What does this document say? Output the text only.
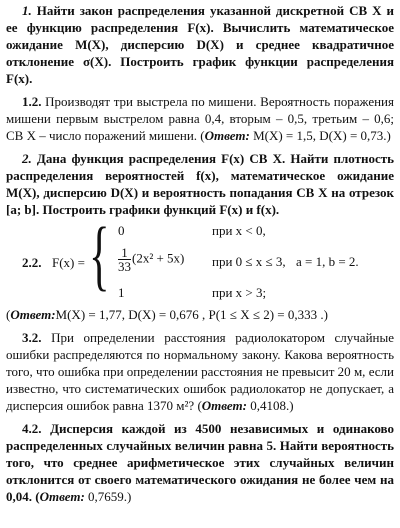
1. Найти закон распределения указанной дискретной СВ X и ее функцию распределения F(x). Вычислить математическое ожидание M(X), дисперсию D(X) и среднее квадратичное отклонение σ(X). Построить график функции распределения F(x).

1.2. Производят три выстрела по мишени. Вероятность поражения мишени первым выстрелом равна 0,4, вторым – 0,5, третьим – 0,6; СВ X – число поражений мишени. (Ответ: M(X) = 1,5, D(X) = 0,73.)

2. Дана функция распределения F(x) СВ X. Найти плотность распределения вероятностей f(x), математическое ожидание M(X), дисперсию D(X) и вероятность попадания СВ X на отрезок [a; b]. Построить графики функций F(x) и f(x).

2.2. F(x) = { 0	при x < 0,
$\frac{1}{33} (2x^2 + 5x)$ при 0 ≤ x ≤ 3, a = 1, b = 2.
1	при x > 3;

(Ответ:M(X) = 1,77, D(X) = 0,676 , P(1 ≤ X ≤ 2) = 0,333 .)

3.2. При определении расстояния радиолокатором случайные ошибки распределяются по нормальному закону. Какова вероятность того, что ошибка при определении расстояния не превысит 20 м, если известно, что систематических ошибок радиолокатор не допускает, а дисперсия ошибок равна 1370 м²? (Ответ: 0,4108.)

4.2. Дисперсия каждой из 4500 независимых и одинаково распределенных случайных величин равна 5. Найти вероятность того, что среднее арифметическое этих случайных величин отклонится от своего математического ожидания не более чем на 0,04. (Ответ: 0,7659.)
